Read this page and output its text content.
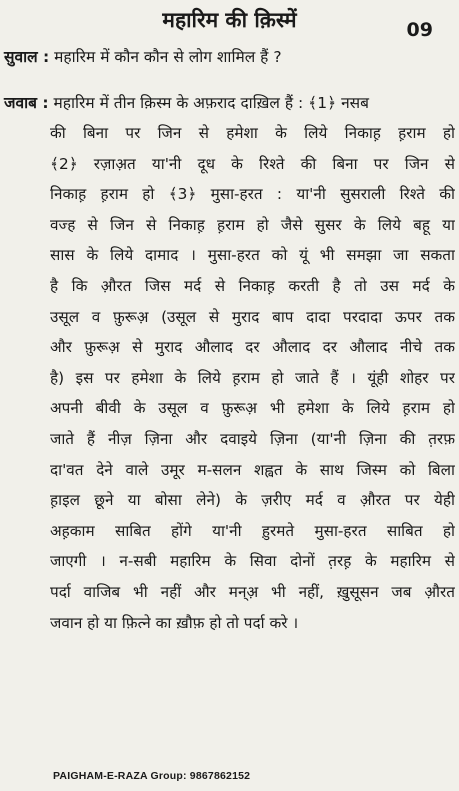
महारिम की क़िस्में	09
सुवाल : महारिम में कौन कौन से लोग शामिल हैं ?
जवाब : महारिम में तीन क़िस्म के अफ़राद दाख़िल हैं : ﴾1﴿ नसब
की बिना पर जिन से हमेशा के लिये निकाह़ ह़राम हो
﴾2﴿ रज़ाअ़त या'नी दूध के रिश्ते की बिना पर जिन से
निकाह़ ह़राम हो ﴾3﴿ मुसा-हरत : या'नी सुसराली रिश्ते की
वज्ह से जिन से निकाह़ ह़राम हो जैसे सुसर के लिये बहू या
सास के लिये दामाद । मुसा-हरत को यूं भी समझा जा सकता
है कि औ़रत जिस मर्द से निकाह़ करती है तो उस मर्द के
उसूल व फ़ुरूअ़ (उसूल से मुराद बाप दादा परदादा ऊपर तक
और फ़ुरूअ़ से मुराद औलाद दर औलाद दर औलाद नीचे तक
है) इस पर हमेशा के लिये ह़राम हो जाते हैं । यूंही शोहर पर
अपनी बीवी के उसूल व फ़ुरूअ़ भी हमेशा के लिये ह़राम हो
जाते हैं नीज़ ज़िना और दवाइये ज़िना (या'नी ज़िना की त़रफ़
दा'वत देने वाले उमूर म-सलन शह्वत के साथ जिस्म को बिला
ह़ाइल छूने या बोसा लेने) के ज़रीए मर्द व औ़रत पर येही
अह़काम साबित होंगे या'नी ह़ुरमते मुसा-हरत साबित हो
जाएगी । न-सबी महारिम के सिवा दोनों त़रह़ के महारिम से
पर्दा वाजिब भी नहीं और मन्अ़ भी नहीं, ख़ुसूसन जब औ़रत
जवान हो या फ़ित्ने का ख़ौफ़ हो तो पर्दा करे ।
PAIGHAM-E-RAZA Group: 9867862152
